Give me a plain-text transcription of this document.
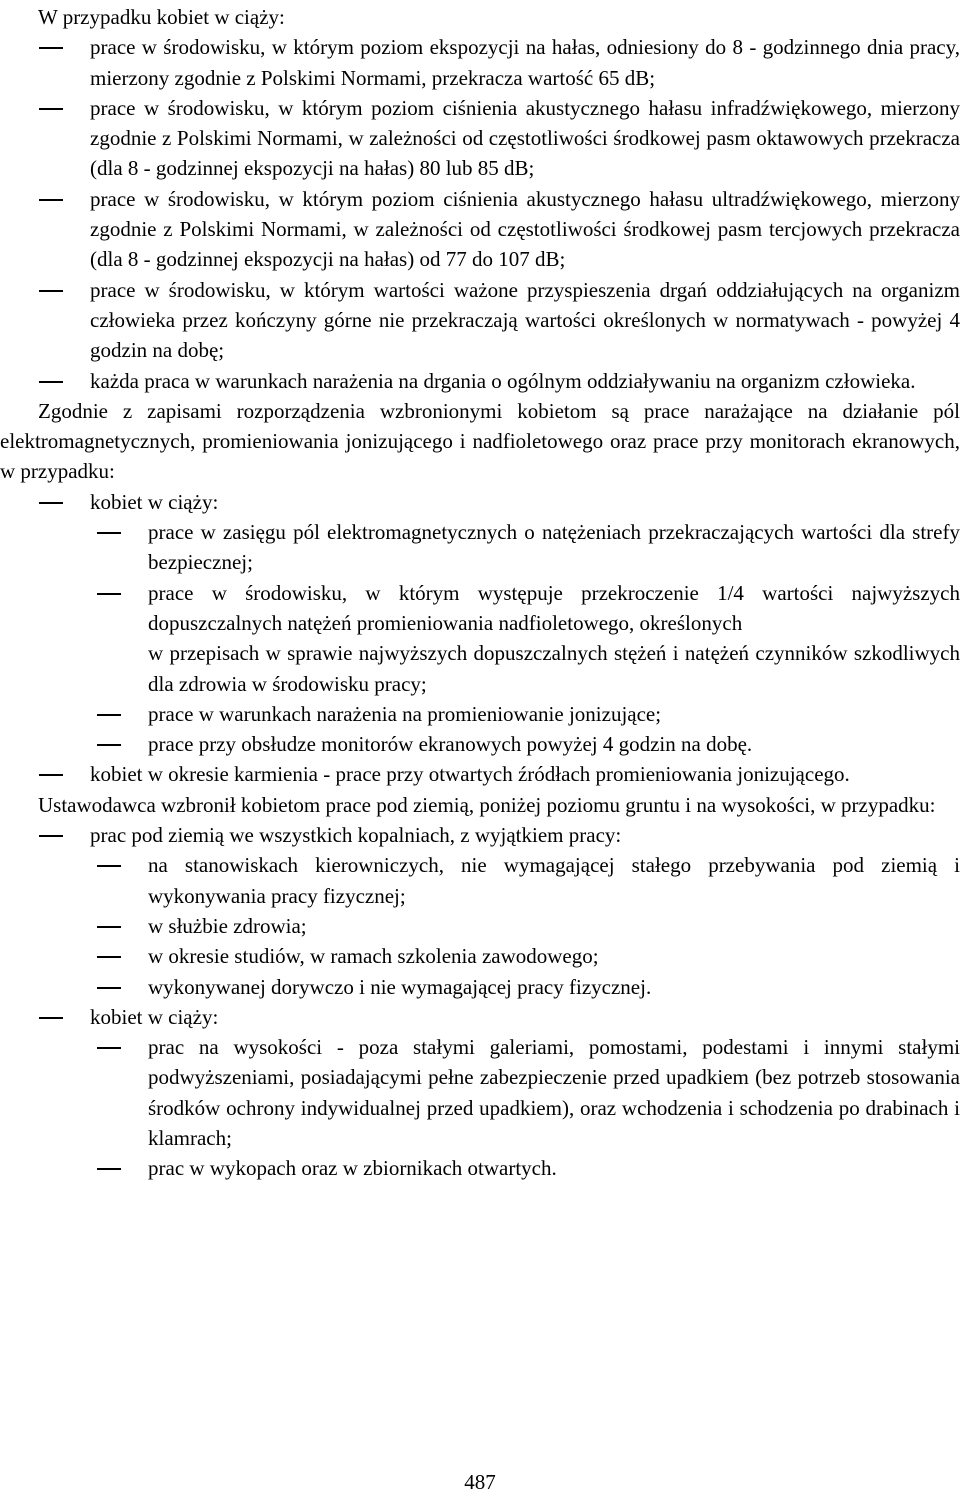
W przypadku kobiet w ciąży:

prace w środowisku, w którym poziom ekspozycji na hałas, odniesiony do 8 - godzinnego dnia pracy, mierzony zgodnie z Polskimi Normami, przekracza wartość 65 dB;
prace w środowisku, w którym poziom ciśnienia akustycznego hałasu infradźwiękowego, mierzony zgodnie z Polskimi Normami, w zależności od częstotliwości środkowej pasm oktawowych przekracza (dla 8 - godzinnej ekspozycji na hałas) 80 lub 85 dB;
prace w środowisku, w którym poziom ciśnienia akustycznego hałasu ultradźwiękowego, mierzony zgodnie z Polskimi Normami, w zależności od częstotliwości środkowej pasm tercjowych przekracza (dla 8 - godzinnej ekspozycji na hałas) od 77 do 107 dB;
prace w środowisku, w którym wartości ważone przyspieszenia drgań oddziałujących na organizm człowieka przez kończyny górne nie przekraczają wartości określonych w normatywach - powyżej 4 godzin na dobę;
każda praca w warunkach narażenia na drgania o ogólnym oddziaływaniu na organizm człowieka.

Zgodnie z zapisami rozporządzenia wzbronionymi kobietom są prace narażające na działanie pól elektromagnetycznych, promieniowania jonizującego i nadfioletowego oraz prace przy monitorach ekranowych, w przypadku:

kobiet w ciąży:
prace w zasięgu pól elektromagnetycznych o natężeniach przekraczających wartości dla strefy bezpiecznej;
prace w środowisku, w którym występuje przekroczenie 1/4 wartości najwyższych dopuszczalnych natężeń promieniowania nadfioletowego, określonych
w przepisach w sprawie najwyższych dopuszczalnych stężeń i natężeń czynników szkodliwych dla zdrowia w środowisku pracy;
prace w warunkach narażenia na promieniowanie jonizujące;
prace przy obsłudze monitorów ekranowych powyżej 4 godzin na dobę.
kobiet w okresie karmienia - prace przy otwartych źródłach promieniowania jonizującego.

Ustawodawca wzbronił kobietom prace pod ziemią, poniżej poziomu gruntu i na wysokości, w przypadku:

prac pod ziemią we wszystkich kopalniach, z wyjątkiem pracy:
na stanowiskach kierowniczych, nie wymagającej stałego przebywania pod ziemią i wykonywania pracy fizycznej;
w służbie zdrowia;
w okresie studiów, w ramach szkolenia zawodowego;
wykonywanej dorywczo i nie wymagającej pracy fizycznej.
kobiet w ciąży:
prac na wysokości - poza stałymi galeriami, pomostami, podestami i innymi stałymi podwyższeniami, posiadającymi pełne zabezpieczenie przed upadkiem (bez potrzeb stosowania środków ochrony indywidualnej przed upadkiem), oraz wchodzenia i schodzenia po drabinach i klamrach;
prac w wykopach oraz w zbiornikach otwartych.
487
